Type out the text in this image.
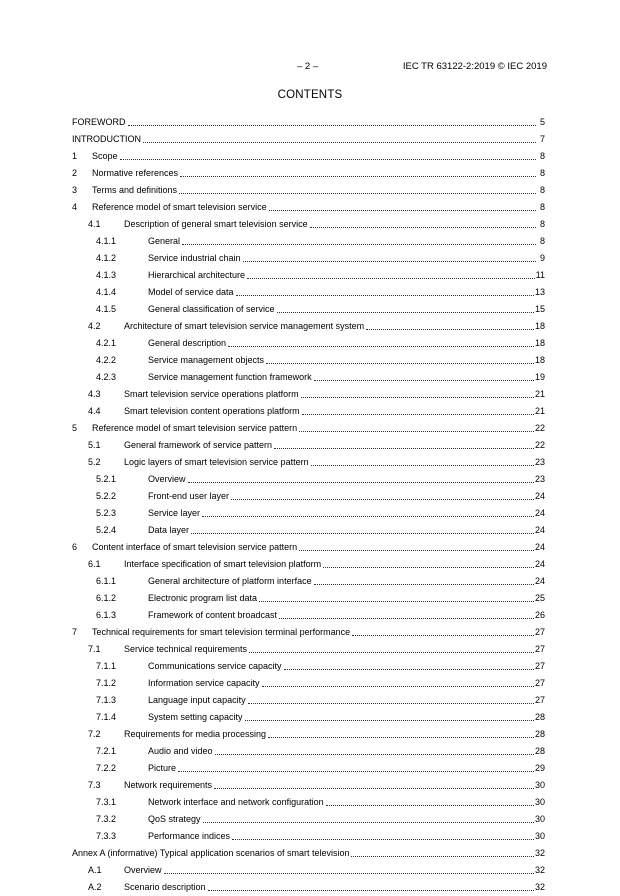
– 2 –	IEC TR 63122-2:2019 © IEC 2019
CONTENTS
FOREWORD	5
INTRODUCTION	7
1	Scope	8
2	Normative references	8
3	Terms and definitions	8
4	Reference model of smart television service	8
4.1	Description of general smart television service	8
4.1.1	General	8
4.1.2	Service industrial chain	9
4.1.3	Hierarchical architecture	11
4.1.4	Model of service data	13
4.1.5	General classification of service	15
4.2	Architecture of smart television service management system	18
4.2.1	General description	18
4.2.2	Service management objects	18
4.2.3	Service management function framework	19
4.3	Smart television service operations platform	21
4.4	Smart television content operations platform	21
5	Reference model of smart television service pattern	22
5.1	General framework of service pattern	22
5.2	Logic layers of smart television service pattern	23
5.2.1	Overview	23
5.2.2	Front-end user layer	24
5.2.3	Service layer	24
5.2.4	Data layer	24
6	Content interface of smart television service pattern	24
6.1	Interface specification of smart television platform	24
6.1.1	General architecture of platform interface	24
6.1.2	Electronic program list data	25
6.1.3	Framework of content broadcast	26
7	Technical requirements for smart television terminal performance	27
7.1	Service technical requirements	27
7.1.1	Communications service capacity	27
7.1.2	Information service capacity	27
7.1.3	Language input capacity	27
7.1.4	System setting capacity	28
7.2	Requirements for media processing	28
7.2.1	Audio and video	28
7.2.2	Picture	29
7.3	Network requirements	30
7.3.1	Network interface and network configuration	30
7.3.2	QoS strategy	30
7.3.3	Performance indices	30
Annex A (informative) Typical application scenarios of smart television	32
A.1	Overview	32
A.2	Scenario description	32
